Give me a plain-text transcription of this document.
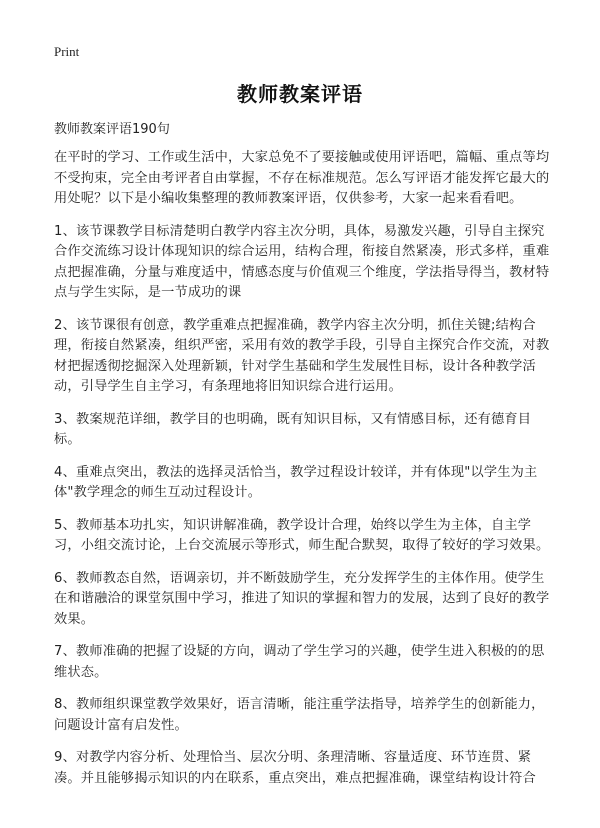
Print
教师教案评语
教师教案评语190句

在平时的学习、工作或生活中，大家总免不了要接触或使用评语吧，篇幅、重点等均不受拘束，完全由考评者自由掌握，不存在标准规范。怎么写评语才能发挥它最大的用处呢？以下是小编收集整理的教师教案评语，仅供参考，大家一起来看看吧。

1、该节课教学目标清楚明白教学内容主次分明，具体，易激发兴趣，引导自主探究合作交流练习设计体现知识的综合运用，结构合理，衔接自然紧凑，形式多样，重难点把握准确，分量与难度适中，情感态度与价值观三个维度，学法指导得当，教材特点与学生实际，是一节成功的课

2、该节课很有创意，教学重难点把握准确，教学内容主次分明，抓住关键;结构合理，衔接自然紧凑，组织严密，采用有效的教学手段，引导自主探究合作交流，对教材把握透彻挖掘深入处理新颖，针对学生基础和学生发展性目标，设计各种教学活动，引导学生自主学习，有条理地将旧知识综合进行运用。

3、教案规范详细，教学目的也明确，既有知识目标，又有情感目标，还有德育目标。

4、重难点突出，教法的选择灵活恰当，教学过程设计较详，并有体现"以学生为主体"教学理念的师生互动过程设计。

5、教师基本功扎实，知识讲解准确，教学设计合理，始终以学生为主体，自主学习，小组交流讨论，上台交流展示等形式，师生配合默契，取得了较好的学习效果。

6、教师教态自然，语调亲切，并不断鼓励学生，充分发挥学生的主体作用。使学生在和谐融洽的课堂氛围中学习，推进了知识的掌握和智力的发展，达到了良好的教学效果。

7、教师准确的把握了设疑的方向，调动了学生学习的兴趣，使学生进入积极的的思维状态。

8、教师组织课堂教学效果好，语言清晰，能注重学法指导，培养学生的创新能力，问题设计富有启发性。

9、对教学内容分析、处理恰当、层次分明、条理清晰、容量适度、环节连贯、紧凑。并且能够揭示知识的内在联系，重点突出，难点把握准确，课堂结构设计符合
